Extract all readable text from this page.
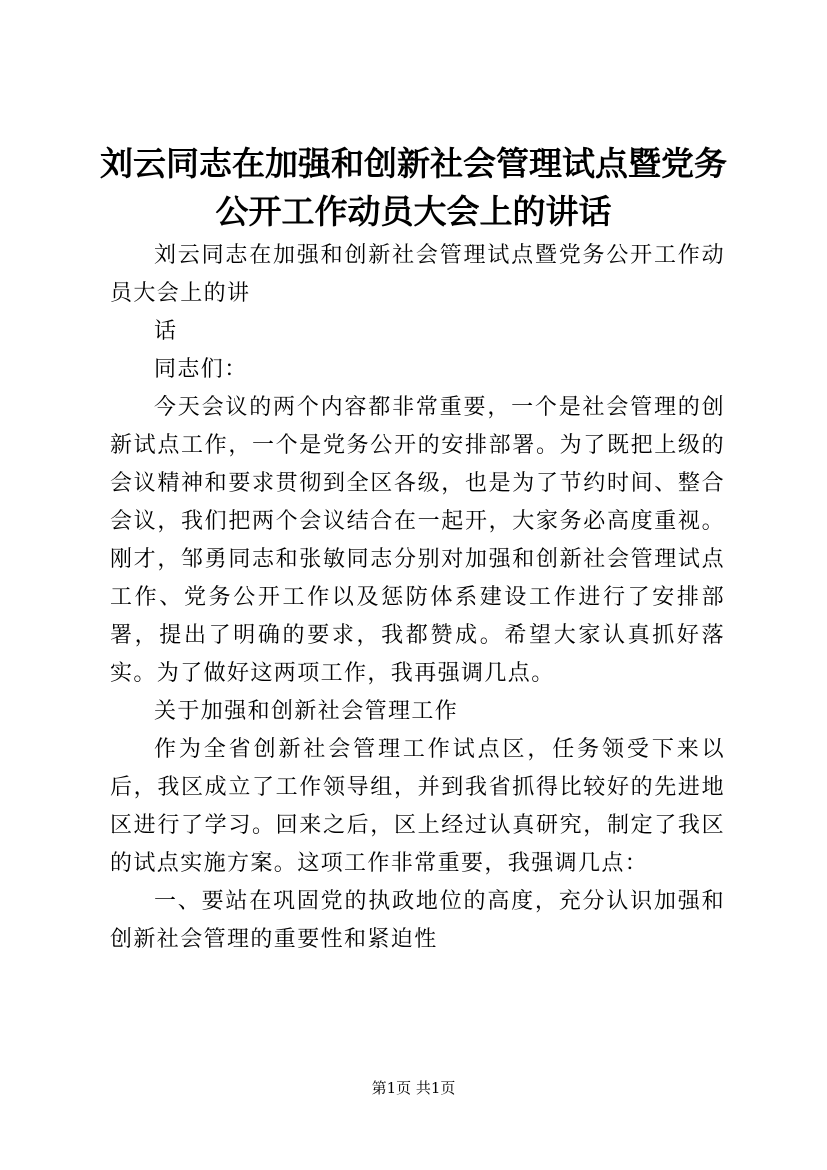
刘云同志在加强和创新社会管理试点暨党务公开工作动员大会上的讲话

刘云同志在加强和创新社会管理试点暨党务公开工作动员大会上的讲

话

同志们：

今天会议的两个内容都非常重要，一个是社会管理的创新试点工作，一个是党务公开的安排部署。为了既把上级的会议精神和要求贯彻到全区各级，也是为了节约时间、整合会议，我们把两个会议结合在一起开，大家务必高度重视。刚才，邹勇同志和张敏同志分别对加强和创新社会管理试点工作、党务公开工作以及惩防体系建设工作进行了安排部署，提出了明确的要求，我都赞成。希望大家认真抓好落实。为了做好这两项工作，我再强调几点。

关于加强和创新社会管理工作

作为全省创新社会管理工作试点区，任务领受下来以后，我区成立了工作领导组，并到我省抓得比较好的先进地区进行了学习。回来之后，区上经过认真研究，制定了我区的试点实施方案。这项工作非常重要，我强调几点：

一、要站在巩固党的执政地位的高度，充分认识加强和创新社会管理的重要性和紧迫性

第1页 共1页
